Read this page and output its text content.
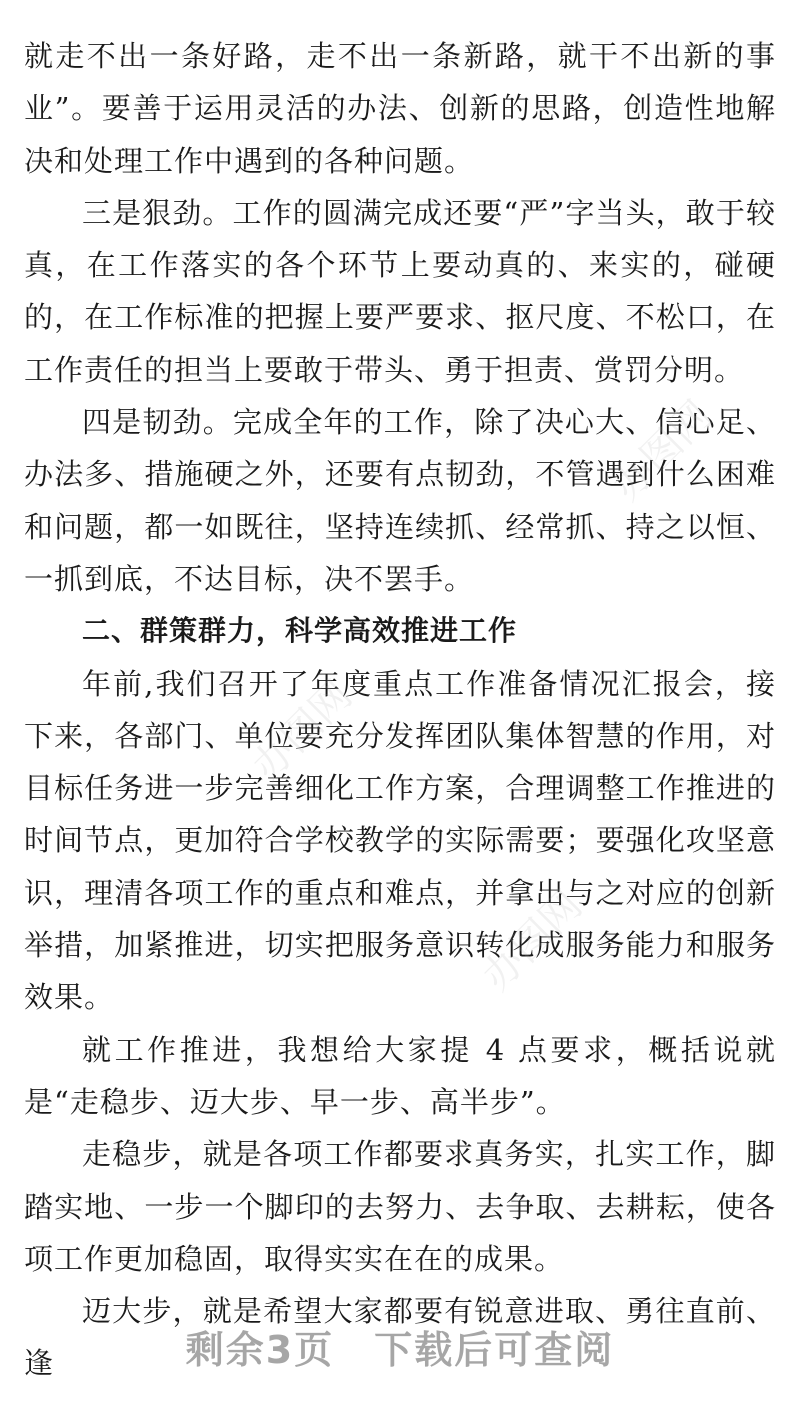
就走不出一条好路，走不出一条新路，就干不出新的事业”。要善于运用灵活的办法、创新的思路，创造性地解决和处理工作中遇到的各种问题。

三是狠劲。工作的圆满完成还要“严”字当头，敢于较真，在工作落实的各个环节上要动真的、来实的，碰硬的，在工作标准的把握上要严要求、抠尺度、不松口，在工作责任的担当上要敢于带头、勇于担责、赏罚分明。

四是韧劲。完成全年的工作，除了决心大、信心足、办法多、措施硬之外，还要有点韧劲，不管遇到什么困难和问题，都一如既往，坚持连续抓、经常抓、持之以恒、一抓到底，不达目标，决不罢手。

二、群策群力，科学高效推进工作

年前,我们召开了年度重点工作准备情况汇报会，接下来，各部门、单位要充分发挥团队集体智慧的作用，对目标任务进一步完善细化工作方案，合理调整工作推进的时间节点，更加符合学校教学的实际需要；要强化攻坚意识，理清各项工作的重点和难点，并拿出与之对应的创新举措，加紧推进，切实把服务意识转化成服务能力和服务效果。

就工作推进，我想给大家提 4 点要求，概括说就是“走稳步、迈大步、早一步、高半步”。

走稳步，就是各项工作都要求真务实，扎实工作，脚踏实地、一步一个脚印的去努力、去争取、去耕耘，使各项工作更加稳固，取得实实在在的成果。

迈大步，就是希望大家都要有锐意进取、勇往直前、逢

办图网
办图网
办图网
剩余3页 下载后可查阅
